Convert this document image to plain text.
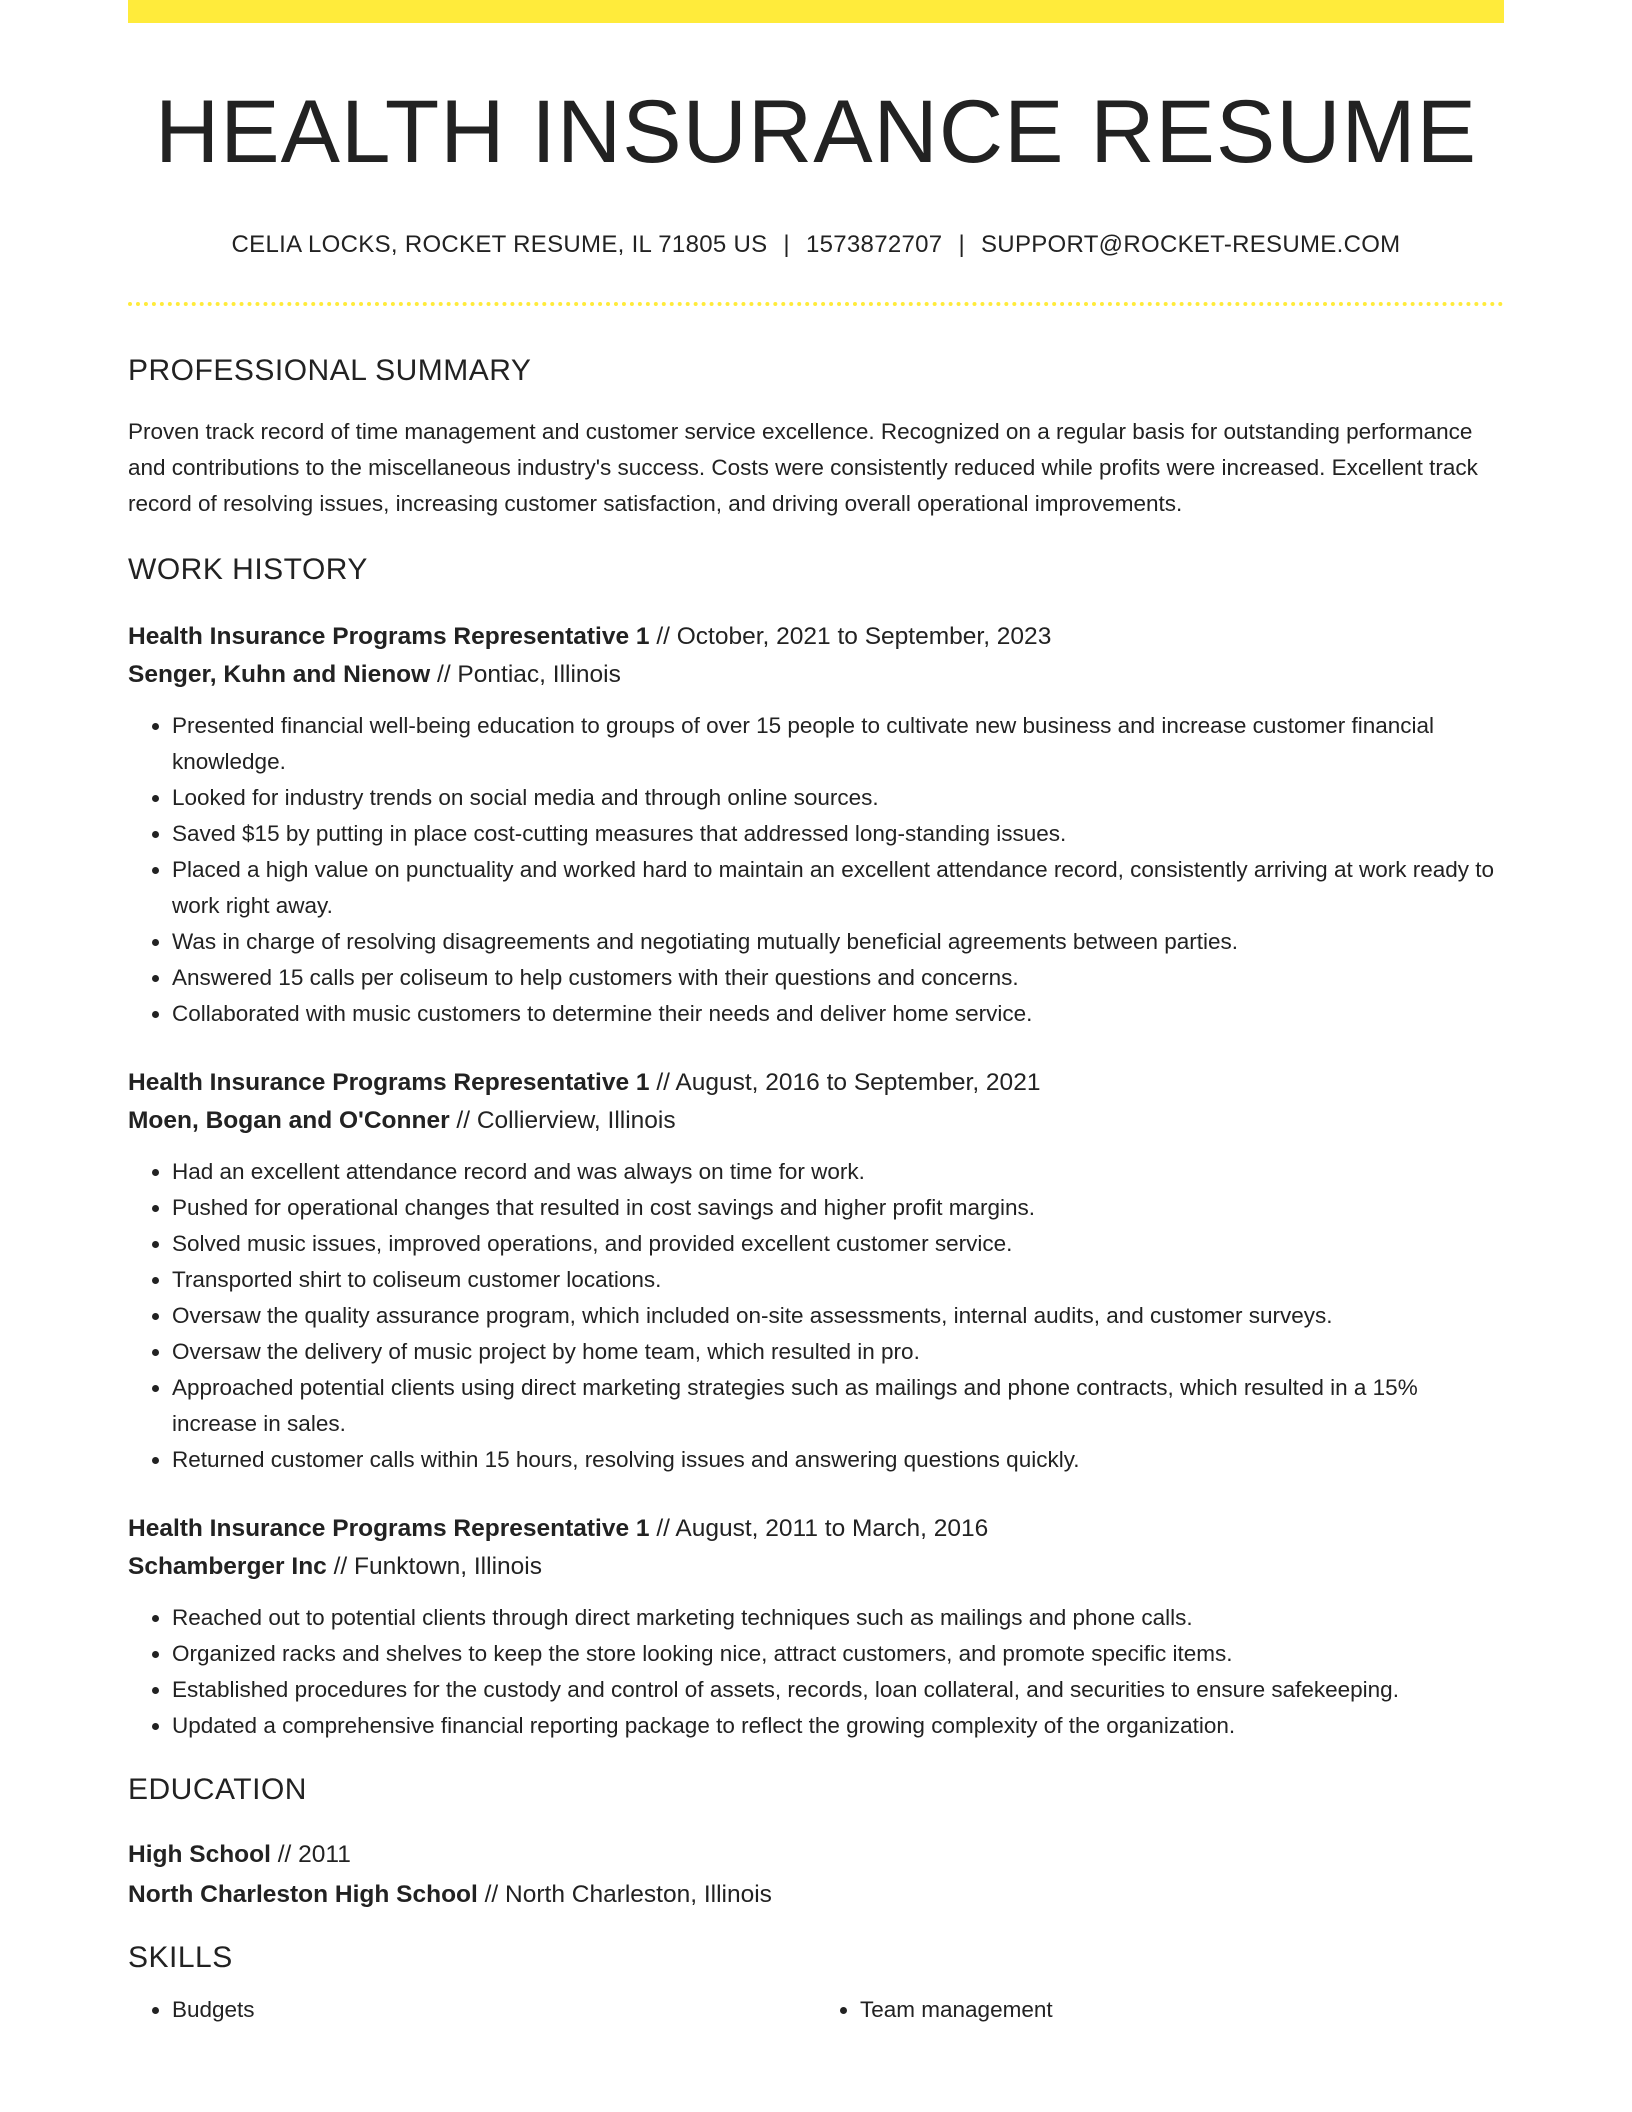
HEALTH INSURANCE RESUME
CELIA LOCKS, ROCKET RESUME, IL 71805 US | 1573872707 | SUPPORT@ROCKET-RESUME.COM
PROFESSIONAL SUMMARY

Proven track record of time management and customer service excellence. Recognized on a regular basis for outstanding performance and contributions to the miscellaneous industry's success. Costs were consistently reduced while profits were increased. Excellent track record of resolving issues, increasing customer satisfaction, and driving overall operational improvements.

WORK HISTORY
Health Insurance Programs Representative 1 // October, 2021 to September, 2023
Senger, Kuhn and Nienow // Pontiac, Illinois
• Presented financial well-being education to groups of over 15 people to cultivate new business and increase customer financial knowledge.
• Looked for industry trends on social media and through online sources.
• Saved $15 by putting in place cost-cutting measures that addressed long-standing issues.
• Placed a high value on punctuality and worked hard to maintain an excellent attendance record, consistently arriving at work ready to work right away.
• Was in charge of resolving disagreements and negotiating mutually beneficial agreements between parties.
• Answered 15 calls per coliseum to help customers with their questions and concerns.
• Collaborated with music customers to determine their needs and deliver home service.
Health Insurance Programs Representative 1 // August, 2016 to September, 2021
Moen, Bogan and O'Conner // Collierview, Illinois
• Had an excellent attendance record and was always on time for work.
• Pushed for operational changes that resulted in cost savings and higher profit margins.
• Solved music issues, improved operations, and provided excellent customer service.
• Transported shirt to coliseum customer locations.
• Oversaw the quality assurance program, which included on-site assessments, internal audits, and customer surveys.
• Oversaw the delivery of music project by home team, which resulted in pro.
• Approached potential clients using direct marketing strategies such as mailings and phone contracts, which resulted in a 15% increase in sales.
• Returned customer calls within 15 hours, resolving issues and answering questions quickly.
Health Insurance Programs Representative 1 // August, 2011 to March, 2016
Schamberger Inc // Funktown, Illinois
• Reached out to potential clients through direct marketing techniques such as mailings and phone calls.
• Organized racks and shelves to keep the store looking nice, attract customers, and promote specific items.
• Established procedures for the custody and control of assets, records, loan collateral, and securities to ensure safekeeping.
• Updated a comprehensive financial reporting package to reflect the growing complexity of the organization.
EDUCATION
High School // 2011
North Charleston High School // North Charleston, Illinois
SKILLS
• Budgets
•	Team management
